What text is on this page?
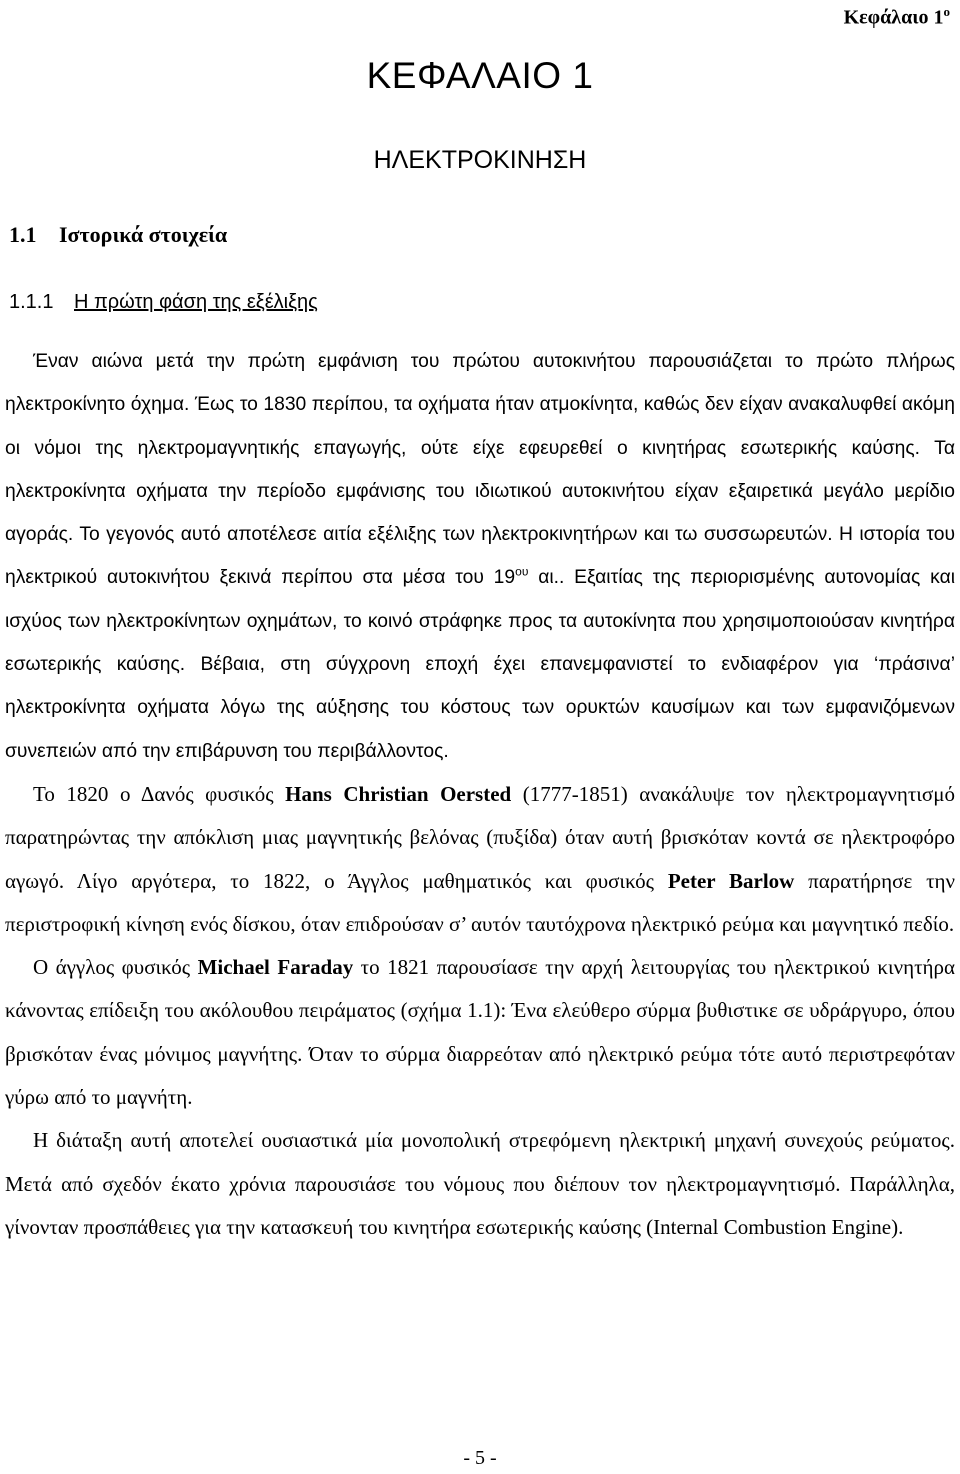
Κεφάλαιο $1^o$
ΚΕΦΑΛΑΙΟ 1
ΗΛΕΚΤΡΟΚΙΝΗΣΗ
1.1 Ιστορικά στοιχεία
1.1.1 Η πρώτη φάση της εξέλιξης

Έναν αιώνα μετά την πρώτη εμφάνιση του πρώτου αυτοκινήτου παρουσιάζεται το πρώτο πλήρως ηλεκτροκίνητο όχημα. Έως το 1830 περίπου, τα οχήματα ήταν ατμοκίνητα, καθώς δεν είχαν ανακαλυφθεί ακόμη οι νόμοι της ηλεκτρομαγνητικής επαγωγής, ούτε είχε εφευρεθεί ο κινητήρας εσωτερικής καύσης. Τα ηλεκτροκίνητα οχήματα την περίοδο εμφάνισης του ιδιωτικού αυτοκινήτου είχαν εξαιρετικά μεγάλο μερίδιο αγοράς. Το γεγονός αυτό αποτέλεσε αιτία εξέλιξης των ηλεκτροκινητήρων και τω συσσωρευτών. Η ιστορία του ηλεκτρικού αυτοκινήτου ξεκινά περίπου στα μέσα του $19^{o\upsilon}$ αι.. Εξαιτίας της περιορισμένης αυτονομίας και ισχύος των ηλεκτροκίνητων οχημάτων, το κοινό στράφηκε προς τα αυτοκίνητα που χρησιμοποιούσαν κινητήρα εσωτερικής καύσης. Βέβαια, στη σύγχρονη εποχή έχει επανεμφανιστεί το ενδιαφέρον για ‘πράσινα’ ηλεκτροκίνητα οχήματα λόγω της αύξησης του κόστους των ορυκτών καυσίμων και των εμφανιζόμενων συνεπειών από την επιβάρυνση του περιβάλλοντος.

Το 1820 ο Δανός φυσικός Hans Christian Oersted (1777-1851) ανακάλυψε τον ηλεκτρομαγνητισμό παρατηρώντας την απόκλιση μιας μαγνητικής βελόνας (πυξίδα) όταν αυτή βρισκόταν κοντά σε ηλεκτροφόρο αγωγό. Λίγο αργότερα, το 1822, ο Άγγλος μαθηματικός και φυσικός Peter Barlow παρατήρησε την περιστροφική κίνηση ενός δίσκου, όταν επιδρούσαν σ’ αυτόν ταυτόχρονα ηλεκτρικό ρεύμα και μαγνητικό πεδίο.

Ο άγγλος φυσικός Michael Faraday το 1821 παρουσίασε την αρχή λειτουργίας του ηλεκτρικού κινητήρα κάνοντας επίδειξη του ακόλουθου πειράματος (σχήμα 1.1): Ένα ελεύθερο σύρμα βυθιστικε σε υδράργυρο, όπου βρισκόταν ένας μόνιμος μαγνήτης. Όταν το σύρμα διαρρεόταν από ηλεκτρικό ρεύμα τότε αυτό περιστρεφόταν γύρω από το μαγνήτη.

Η διάταξη αυτή αποτελεί ουσιαστικά μία μονοπολική στρεφόμενη ηλεκτρική μηχανή συνεχούς ρεύματος. Μετά από σχεδόν έκατο χρόνια παρουσιάσε του νόμους που διέπουν τον ηλεκτρομαγνητισμό. Παράλληλα, γίνονταν προσπάθειες για την κατασκευή του κινητήρα εσωτερικής καύσης (Internal Combustion Engine).

- 5 -
